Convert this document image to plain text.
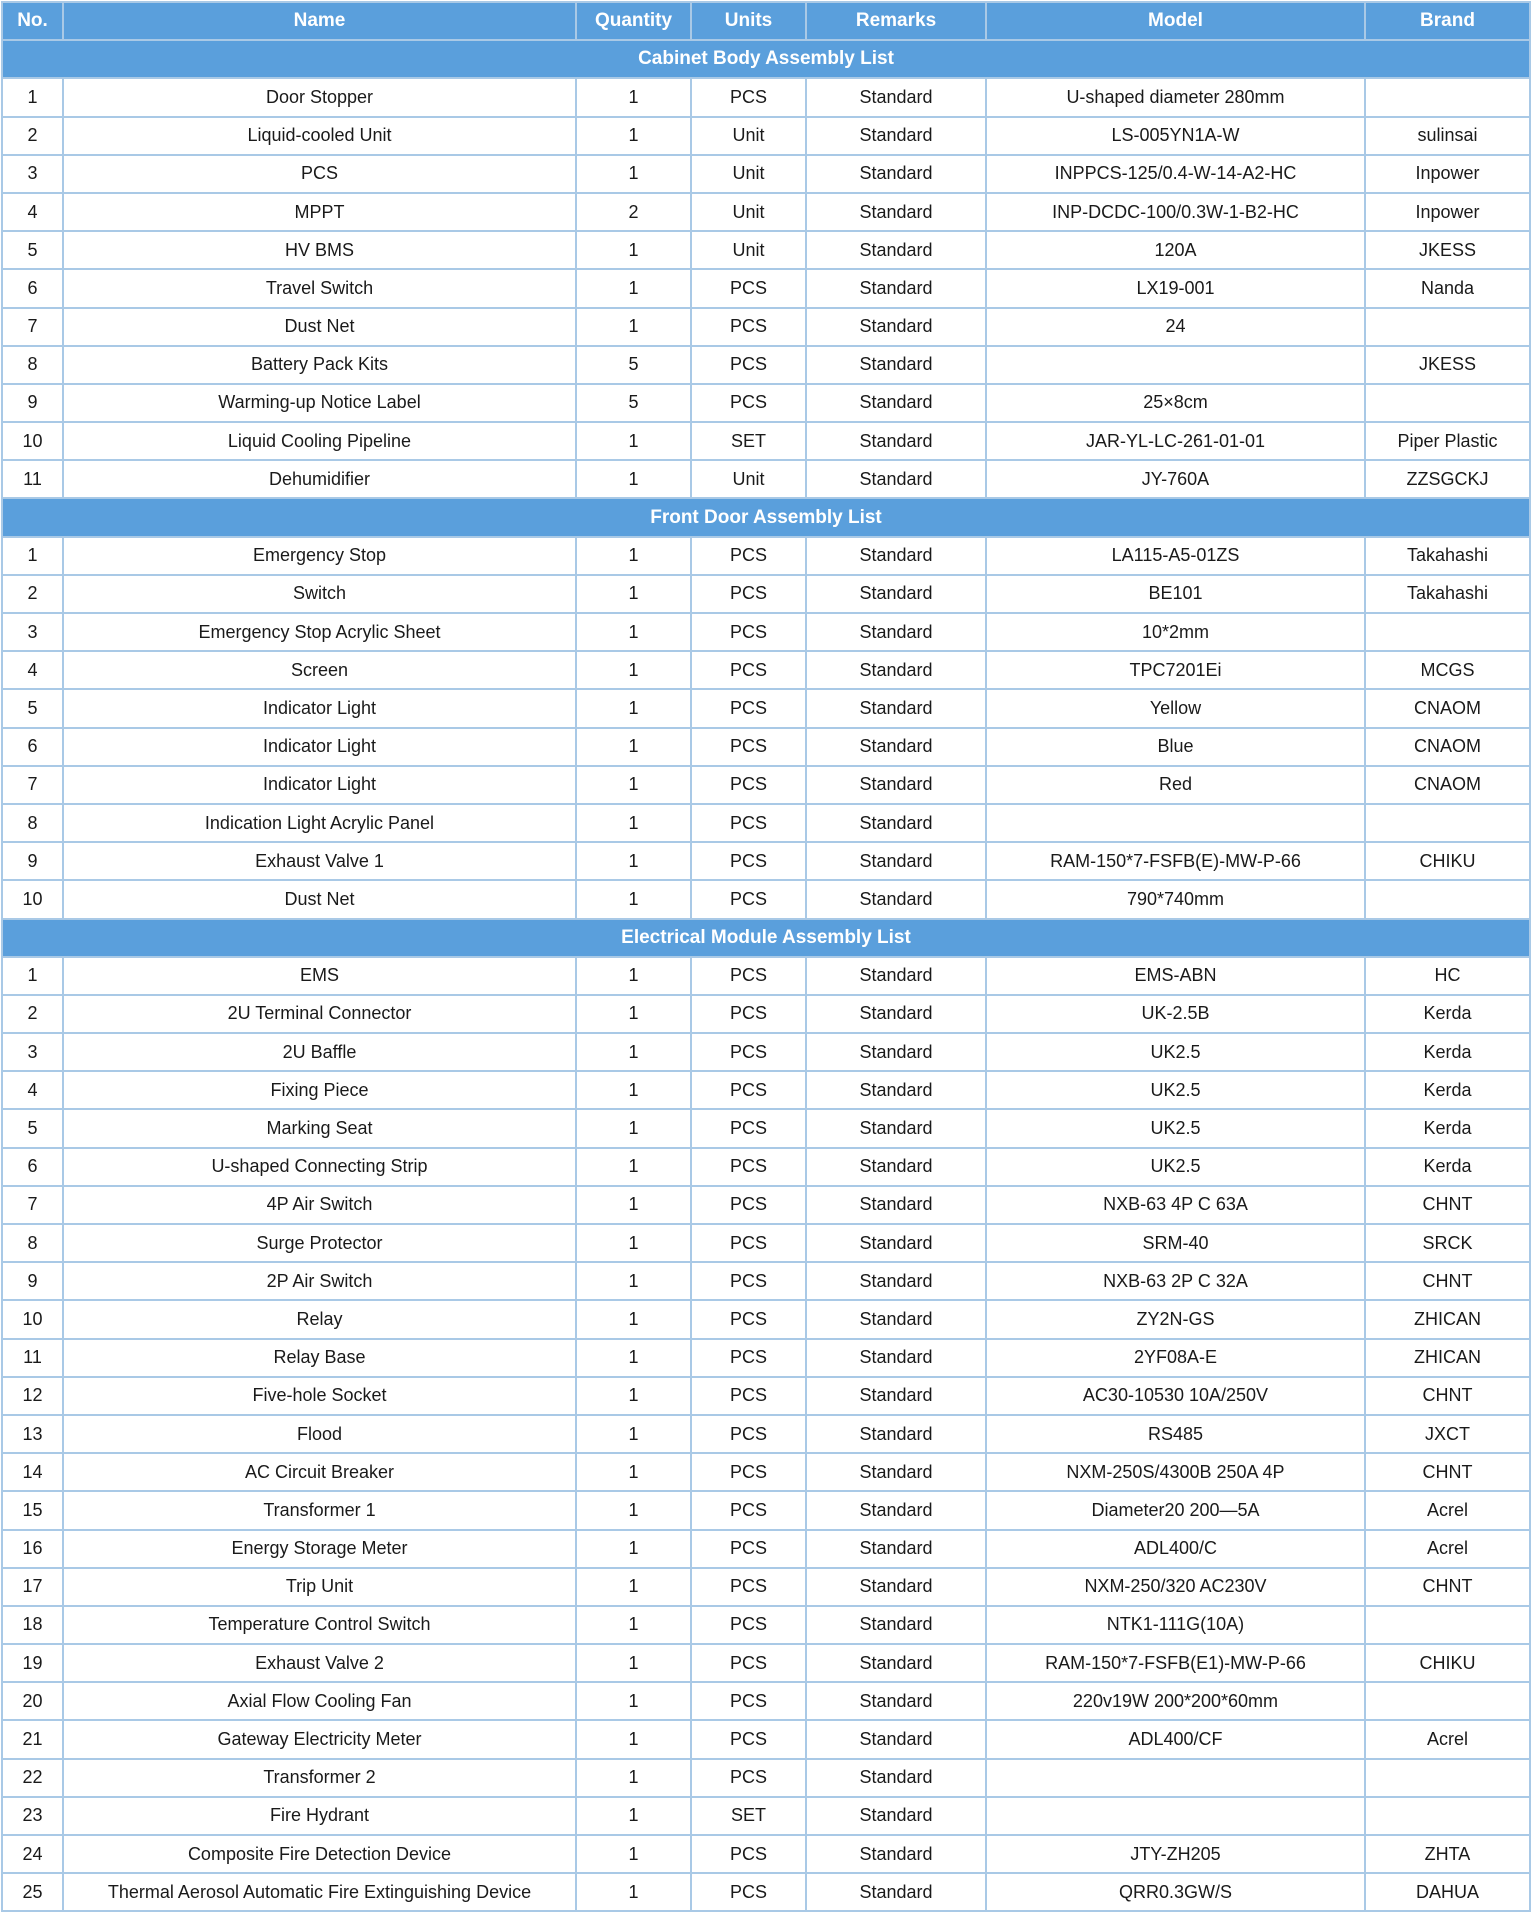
No.	Name	Quantity	Units	Remarks	Model	Brand
Cabinet Body Assembly List						
1	Door Stopper	1	PCS	Standard	U-shaped diameter 280mm	
2	Liquid-cooled Unit	1	Unit	Standard	LS-005YN1A-W	sulinsai
3	PCS	1	Unit	Standard	INPPCS-125/0.4-W-14-A2-HC	Inpower
4	MPPT	2	Unit	Standard	INP-DCDC-100/0.3W-1-B2-HC	Inpower
5	HV BMS	1	Unit	Standard	120A	JKESS
6	Travel Switch	1	PCS	Standard	LX19-001	Nanda
7	Dust Net	1	PCS	Standard	24	
8	Battery Pack Kits	5	PCS	Standard		JKESS
9	Warming-up Notice Label	5	PCS	Standard	25×8cm	
10	Liquid Cooling Pipeline	1	SET	Standard	JAR-YL-LC-261-01-01	Piper Plastic
11	Dehumidifier	1	Unit	Standard	JY-760A	ZZSGCKJ
Front Door Assembly List						
1	Emergency Stop	1	PCS	Standard	LA115-A5-01ZS	Takahashi
2	Switch	1	PCS	Standard	BE101	Takahashi
3	Emergency Stop Acrylic Sheet	1	PCS	Standard	10*2mm	
4	Screen	1	PCS	Standard	TPC7201Ei	MCGS
5	Indicator Light	1	PCS	Standard	Yellow	CNAOM
6	Indicator Light	1	PCS	Standard	Blue	CNAOM
7	Indicator Light	1	PCS	Standard	Red	CNAOM
8	Indication Light Acrylic Panel	1	PCS	Standard		
9	Exhaust Valve 1	1	PCS	Standard	RAM-150*7-FSFB(E)-MW-P-66	CHIKU
10	Dust Net	1	PCS	Standard	790*740mm	
Electrical Module Assembly List						
1	EMS	1	PCS	Standard	EMS-ABN	HC
2	2U Terminal Connector	1	PCS	Standard	UK-2.5B	Kerda
3	2U Baffle	1	PCS	Standard	UK2.5	Kerda
4	Fixing Piece	1	PCS	Standard	UK2.5	Kerda
5	Marking Seat	1	PCS	Standard	UK2.5	Kerda
6	U-shaped Connecting Strip	1	PCS	Standard	UK2.5	Kerda
7	4P Air Switch	1	PCS	Standard	NXB-63 4P C 63A	CHNT
8	Surge Protector	1	PCS	Standard	SRM-40	SRCK
9	2P Air Switch	1	PCS	Standard	NXB-63 2P C 32A	CHNT
10	Relay	1	PCS	Standard	ZY2N-GS	ZHICAN
11	Relay Base	1	PCS	Standard	2YF08A-E	ZHICAN
12	Five-hole Socket	1	PCS	Standard	AC30-10530 10A/250V	CHNT
13	Flood	1	PCS	Standard	RS485	JXCT
14	AC Circuit Breaker	1	PCS	Standard	NXM-250S/4300B 250A 4P	CHNT
15	Transformer 1	1	PCS	Standard	Diameter20 200—5A	Acrel
16	Energy Storage Meter	1	PCS	Standard	ADL400/C	Acrel
17	Trip Unit	1	PCS	Standard	NXM-250/320 AC230V	CHNT
18	Temperature Control Switch	1	PCS	Standard	NTK1-111G(10A)	
19	Exhaust Valve 2	1	PCS	Standard	RAM-150*7-FSFB(E1)-MW-P-66	CHIKU
20	Axial Flow Cooling Fan	1	PCS	Standard	220v19W 200*200*60mm	
21	Gateway Electricity Meter	1	PCS	Standard	ADL400/CF	Acrel
22	Transformer 2	1	PCS	Standard		
23	Fire Hydrant	1	SET	Standard		
24	Composite Fire Detection Device	1	PCS	Standard	JTY-ZH205	ZHTA
25	Thermal Aerosol Automatic Fire Extinguishing Device	1	PCS	Standard	QRR0.3GW/S	DAHUA
